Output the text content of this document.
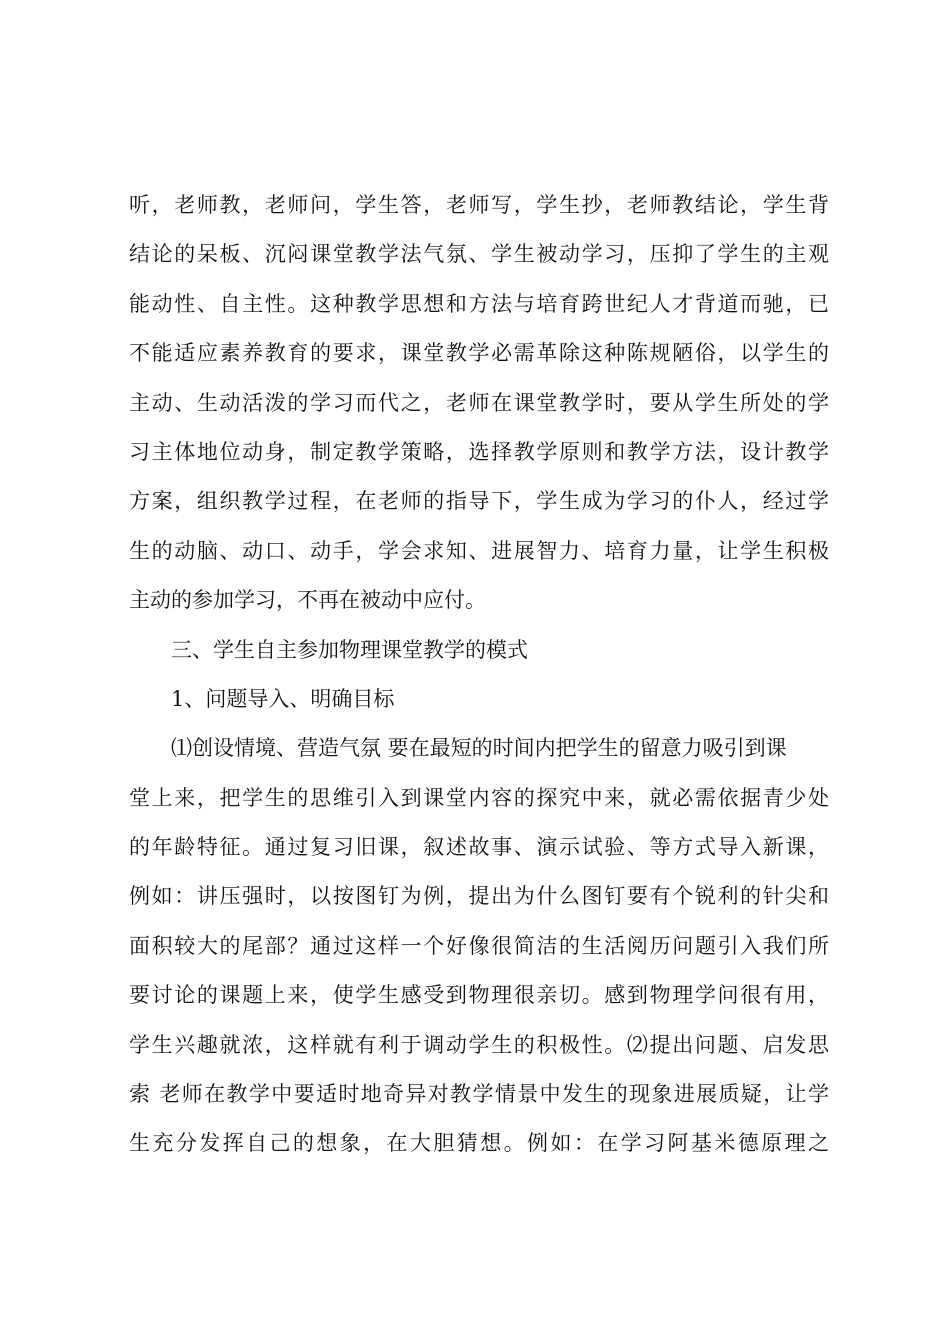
听，老师教，老师问，学生答，老师写，学生抄，老师教结论，学生背
结论的呆板、沉闷课堂教学法气氛、学生被动学习，压抑了学生的主观
能动性、自主性。这种教学思想和方法与培育跨世纪人才背道而驰，已
不能适应素养教育的要求，课堂教学必需革除这种陈规陋俗，以学生的
主动、生动活泼的学习而代之，老师在课堂教学时，要从学生所处的学
习主体地位动身，制定教学策略，选择教学原则和教学方法，设计教学
方案，组织教学过程，在老师的指导下，学生成为学习的仆人，经过学
生的动脑、动口、动手，学会求知、进展智力、培育力量，让学生积极
主动的参加学习，不再在被动中应付。
三、学生自主参加物理课堂教学的模式
1、问题导入、明确目标
⑴创设情境、营造气氛 要在最短的时间内把学生的留意力吸引到课
堂上来，把学生的思维引入到课堂内容的探究中来，就必需依据青少处
的年龄特征。通过复习旧课，叙述故事、演示试验、等方式导入新课，
例如：讲压强时，以按图钉为例，提出为什么图钉要有个锐利的针尖和
面积较大的尾部？通过这样一个好像很简洁的生活阅历问题引入我们所
要讨论的课题上来，使学生感受到物理很亲切。感到物理学问很有用，
学生兴趣就浓，这样就有利于调动学生的积极性。⑵提出问题、启发思
索 老师在教学中要适时地奇异对教学情景中发生的现象进展质疑，让学
生充分发挥自己的想象，在大胆猜想。例如：在学习阿基米德原理之
